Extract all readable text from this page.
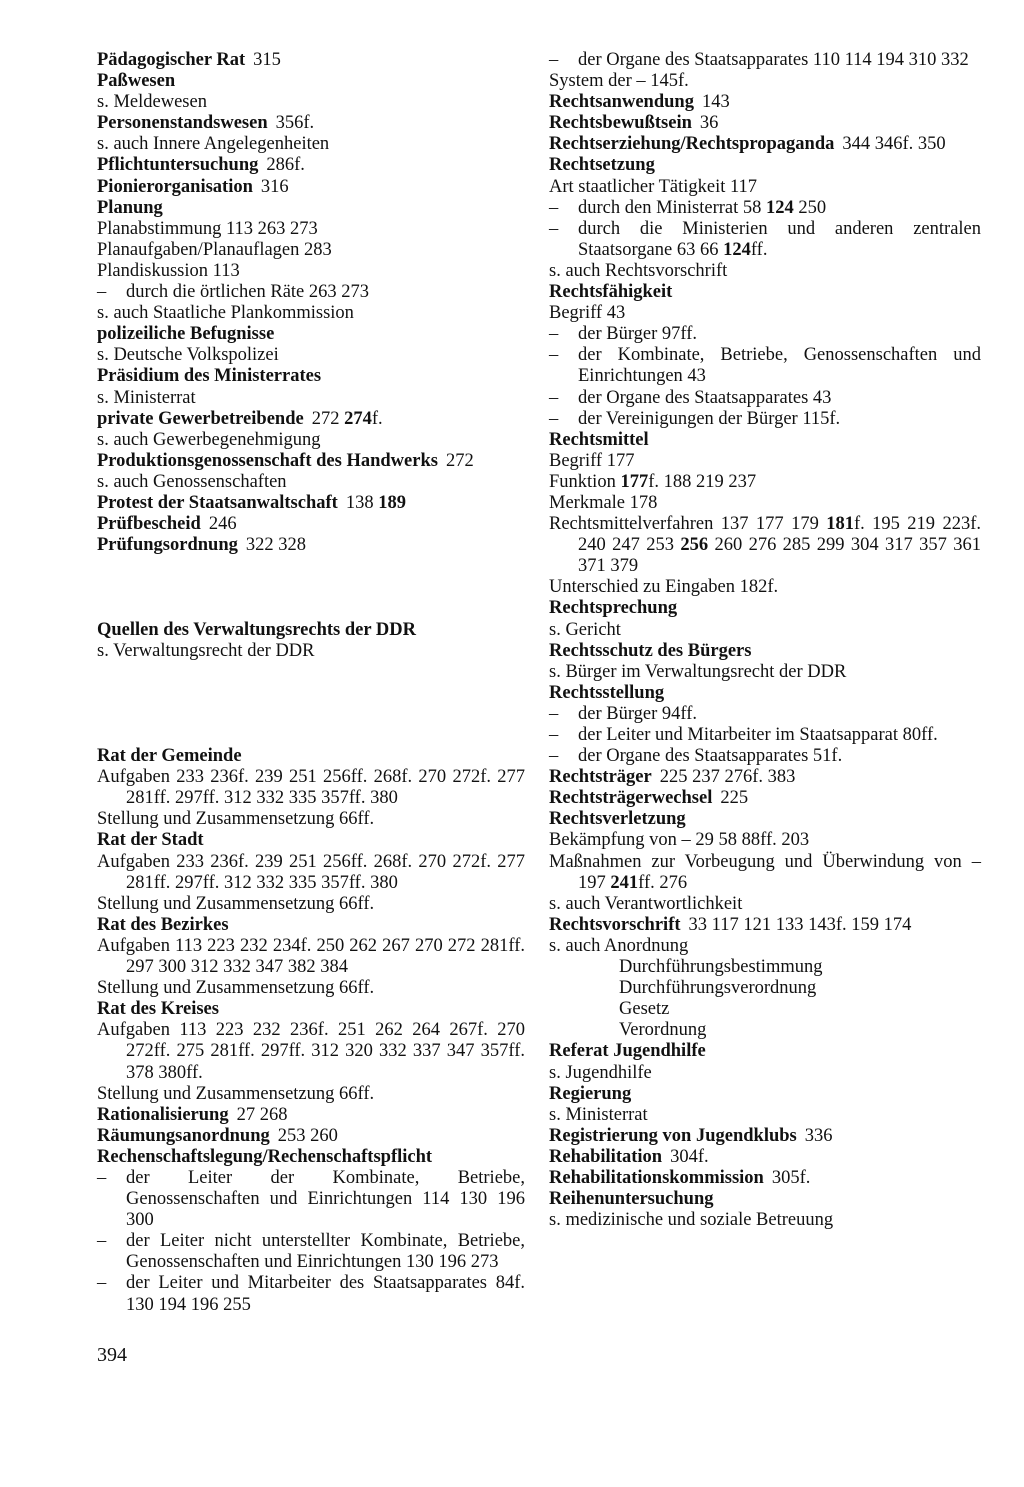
Pädagogischer Rat 315
Paßwesen
s. Meldewesen
Personenstandswesen 356f.
s. auch Innere Angelegenheiten
Pflichtuntersuchung 286f.
Pionierorganisation 316
Planung
Planabstimmung 113 263 273
Planaufgaben/Planauflagen 283
Plandiskussion 113
– durch die örtlichen Räte 263 273
s. auch Staatliche Plankommission
polizeiliche Befugnisse
s. Deutsche Volkspolizei
Präsidium des Ministerrates
s. Ministerrat
private Gewerbetreibende 272 274f.
s. auch Gewerbegenehmigung
Produktionsgenossenschaft des Handwerks 272
s. auch Genossenschaften
Protest der Staatsanwaltschaft 138 189
Prüfbescheid 246
Prüfungsordnung 322 328
Quellen des Verwaltungsrechts der DDR
s. Verwaltungsrecht der DDR
Rat der Gemeinde
Aufgaben 233 236f. 239 251 256ff. 268f. 270 272f. 277 281ff. 297ff. 312 332 335 357ff. 380
Stellung und Zusammensetzung 66ff.
Rat der Stadt
Aufgaben 233 236f. 239 251 256ff. 268f. 270 272f. 277 281ff. 297ff. 312 332 335 357ff. 380
Stellung und Zusammensetzung 66ff.
Rat des Bezirkes
Aufgaben 113 223 232 234f. 250 262 267 270 272 281ff. 297 300 312 332 347 382 384
Stellung und Zusammensetzung 66ff.
Rat des Kreises
Aufgaben 113 223 232 236f. 251 262 264 267f. 270 272ff. 275 281ff. 297ff. 312 320 332 337 347 357ff. 378 380ff.
Stellung und Zusammensetzung 66ff.
Rationalisierung 27 268
Räumungsanordnung 253 260
Rechenschaftslegung/Rechenschaftspflicht
– der Leiter der Kombinate, Betriebe, Genossenschaften und Einrichtungen 114 130 196 300
– der Leiter nicht unterstellter Kombinate, Betriebe, Genossenschaften und Einrichtungen 130 196 273
– der Leiter und Mitarbeiter des Staatsapparates 84f. 130 194 196 255
– der Organe des Staatsapparates 110 114 194 310 332
System der – 145f.
Rechtsanwendung 143
Rechtsbewußtsein 36
Rechtserziehung/Rechtspropaganda 344 346f. 350
Rechtsetzung
Art staatlicher Tätigkeit 117
– durch den Ministerrat 58 124 250
– durch die Ministerien und anderen zentralen Staatsorgane 63 66 124ff.
s. auch Rechtsvorschrift
Rechtsfähigkeit
Begriff 43
– der Bürger 97ff.
– der Kombinate, Betriebe, Genossenschaften und Einrichtungen 43
– der Organe des Staatsapparates 43
– der Vereinigungen der Bürger 115f.
Rechtsmittel
Begriff 177
Funktion 177f. 188 219 237
Merkmale 178
Rechtsmittelverfahren 137 177 179 181f. 195 219 223f. 240 247 253 256 260 276 285 299 304 317 357 361 371 379
Unterschied zu Eingaben 182f.
Rechtsprechung
s. Gericht
Rechtsschutz des Bürgers
s. Bürger im Verwaltungsrecht der DDR
Rechtsstellung
– der Bürger 94ff.
– der Leiter und Mitarbeiter im Staatsapparat 80ff.
– der Organe des Staatsapparates 51f.
Rechtsträger 225 237 276f. 383
Rechtsträgerwechsel 225
Rechtsverletzung
Bekämpfung von – 29 58 88ff. 203
Maßnahmen zur Vorbeugung und Überwindung von – 197 241ff. 276
s. auch Verantwortlichkeit
Rechtsvorschrift 33 117 121 133 143f. 159 174
s. auch Anordnung
Durchführungsbestimmung
Durchführungsverordnung
Gesetz
Verordnung
Referat Jugendhilfe
s. Jugendhilfe
Regierung
s. Ministerrat
Registrierung von Jugendklubs 336
Rehabilitation 304f.
Rehabilitationskommission 305f.
Reihenuntersuchung
s. medizinische und soziale Betreuung
394
